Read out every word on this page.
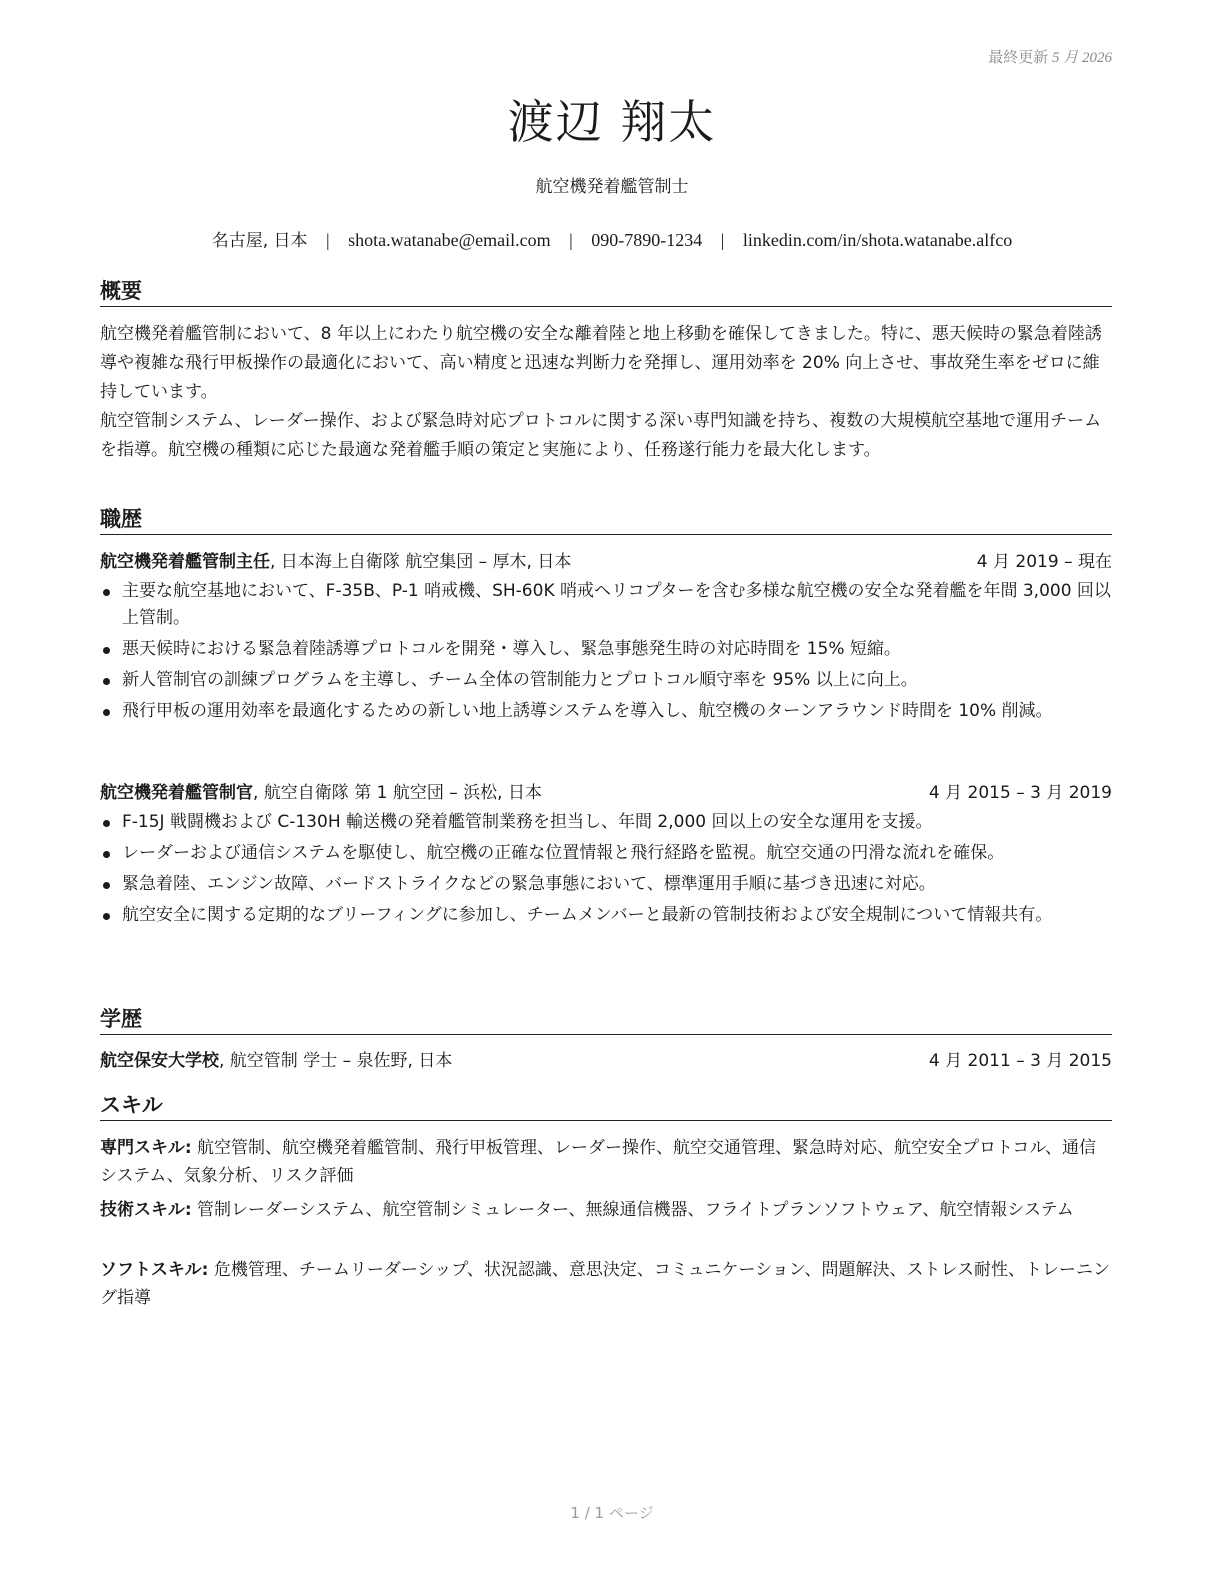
最終更新 5 月 2026
渡辺 翔太
航空機発着艦管制士
名古屋, 日本 | shota.watanabe@email.com | 090-7890-1234 | linkedin.com/in/shota.watanabe.alfco
概要
航空機発着艦管制において、8 年以上にわたり航空機の安全な離着陸と地上移動を確保してきました。特に、悪天候時の緊急着陸誘導や複雑な飛行甲板操作の最適化において、高い精度と迅速な判断力を発揮し、運用効率を 20% 向上させ、事故発生率をゼロに維持しています。
航空管制システム、レーダー操作、および緊急時対応プロトコルに関する深い専門知識を持ち、複数の大規模航空基地で運用チームを指導。航空機の種類に応じた最適な発着艦手順の策定と実施により、任務遂行能力を最大化します。
職歴
航空機発着艦管制主任, 日本海上自衛隊 航空集団 – 厚木, 日本	4 月 2019 – 現在
主要な航空基地において、F-35B、P-1 哨戒機、SH-60K 哨戒ヘリコプターを含む多様な航空機の安全な発着艦を年間 3,000 回以上管制。
悪天候時における緊急着陸誘導プロトコルを開発・導入し、緊急事態発生時の対応時間を 15% 短縮。
新人管制官の訓練プログラムを主導し、チーム全体の管制能力とプロトコル順守率を 95% 以上に向上。
飛行甲板の運用効率を最適化するための新しい地上誘導システムを導入し、航空機のターンアラウンド時間を 10% 削減。
航空機発着艦管制官, 航空自衛隊 第 1 航空団 – 浜松, 日本	4 月 2015 – 3 月 2019
F-15J 戦闘機および C-130H 輸送機の発着艦管制業務を担当し、年間 2,000 回以上の安全な運用を支援。
レーダーおよび通信システムを駆使し、航空機の正確な位置情報と飛行経路を監視。航空交通の円滑な流れを確保。
緊急着陸、エンジン故障、バードストライクなどの緊急事態において、標準運用手順に基づき迅速に対応。
航空安全に関する定期的なブリーフィングに参加し、チームメンバーと最新の管制技術および安全規制について情報共有。
学歴
航空保安大学校, 航空管制 学士 – 泉佐野, 日本	4 月 2011 – 3 月 2015
スキル
専門スキル: 航空管制、航空機発着艦管制、飛行甲板管理、レーダー操作、航空交通管理、緊急時対応、航空安全プロトコル、通信システム、気象分析、リスク評価
技術スキル: 管制レーダーシステム、航空管制シミュレーター、無線通信機器、フライトプランソフトウェア、航空情報システム
ソフトスキル: 危機管理、チームリーダーシップ、状況認識、意思決定、コミュニケーション、問題解決、ストレス耐性、トレーニング指導
1 / 1 ページ
